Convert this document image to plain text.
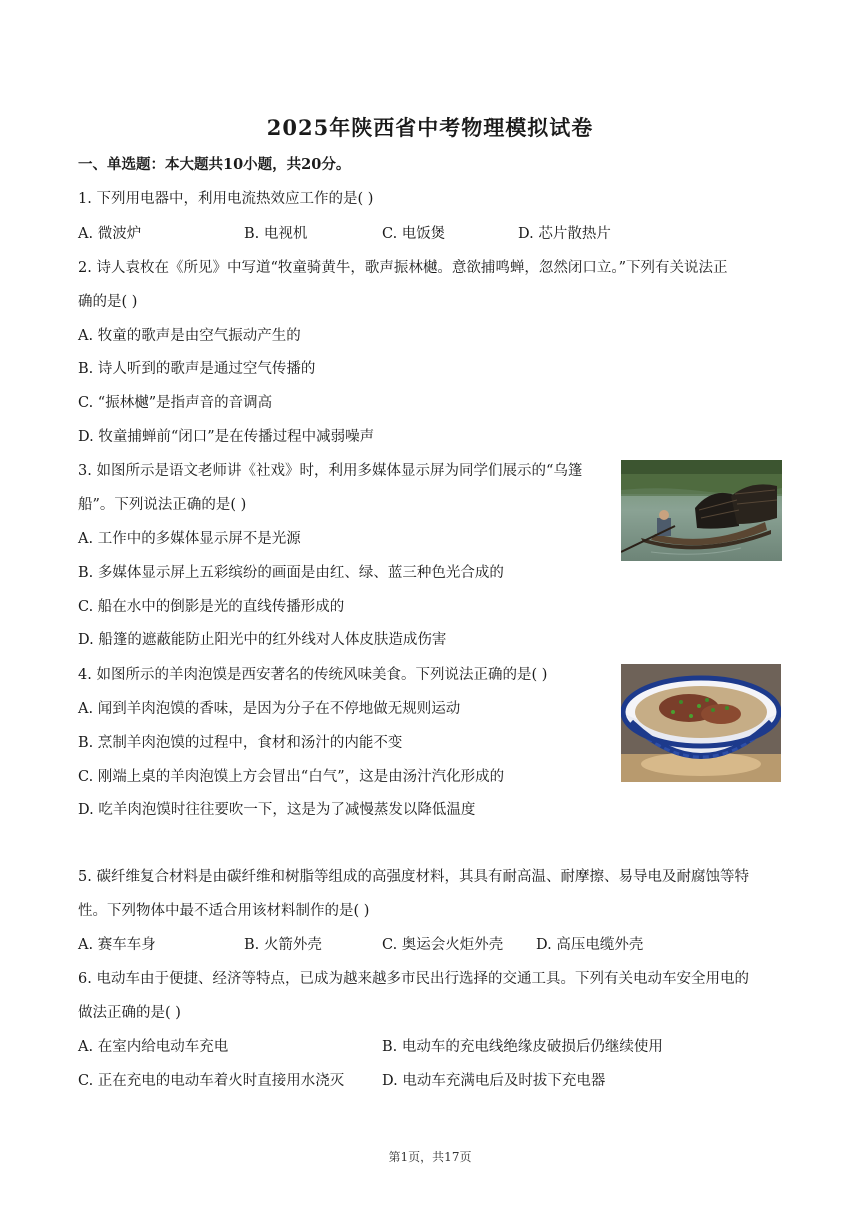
2025年陕西省中考物理模拟试卷
一、单选题：本大题共10小题，共20分。
1. 下列用电器中，利用电流热效应工作的是( )
A. 微波炉	B. 电视机	C. 电饭煲	D. 芯片散热片
2. 诗人袁枚在《所见》中写道“牧童骑黄牛，歌声振林樾。意欲捕鸣蝉，忽然闭口立。”下列有关说法正
确的是( )
A. 牧童的歌声是由空气振动产生的
B. 诗人听到的歌声是通过空气传播的
C. “振林樾”是指声音的音调高
D. 牧童捕蝉前“闭口”是在传播过程中减弱噪声
3. 如图所示是语文老师讲《社戏》时，利用多媒体显示屏为同学们展示的“乌篷
船”。下列说法正确的是( )
A. 工作中的多媒体显示屏不是光源
B. 多媒体显示屏上五彩缤纷的画面是由红、绿、蓝三种色光合成的
C. 船在水中的倒影是光的直线传播形成的
D. 船篷的遮蔽能防止阳光中的红外线对人体皮肤造成伤害
4. 如图所示的羊肉泡馍是西安著名的传统风味美食。下列说法正确的是( )
A. 闻到羊肉泡馍的香味，是因为分子在不停地做无规则运动
B. 烹制羊肉泡馍的过程中，食材和汤汁的内能不变
C. 刚端上桌的羊肉泡馍上方会冒出“白气”，这是由汤汁汽化形成的
D. 吃羊肉泡馍时往往要吹一下，这是为了减慢蒸发以降低温度
5. 碳纤维复合材料是由碳纤维和树脂等组成的高强度材料，其具有耐高温、耐摩擦、易导电及耐腐蚀等特
性。下列物体中最不适合用该材料制作的是( )
A. 赛车车身	B. 火箭外壳	C. 奥运会火炬外壳 D. 高压电缆外壳
6. 电动车由于便捷、经济等特点，已成为越来越多市民出行选择的交通工具。下列有关电动车安全用电的
做法正确的是( )
A. 在室内给电动车充电	B. 电动车的充电线绝缘皮破损后仍继续使用
C. 正在充电的电动车着火时直接用水浇灭	D. 电动车充满电后及时拔下充电器
第1页，共17页
